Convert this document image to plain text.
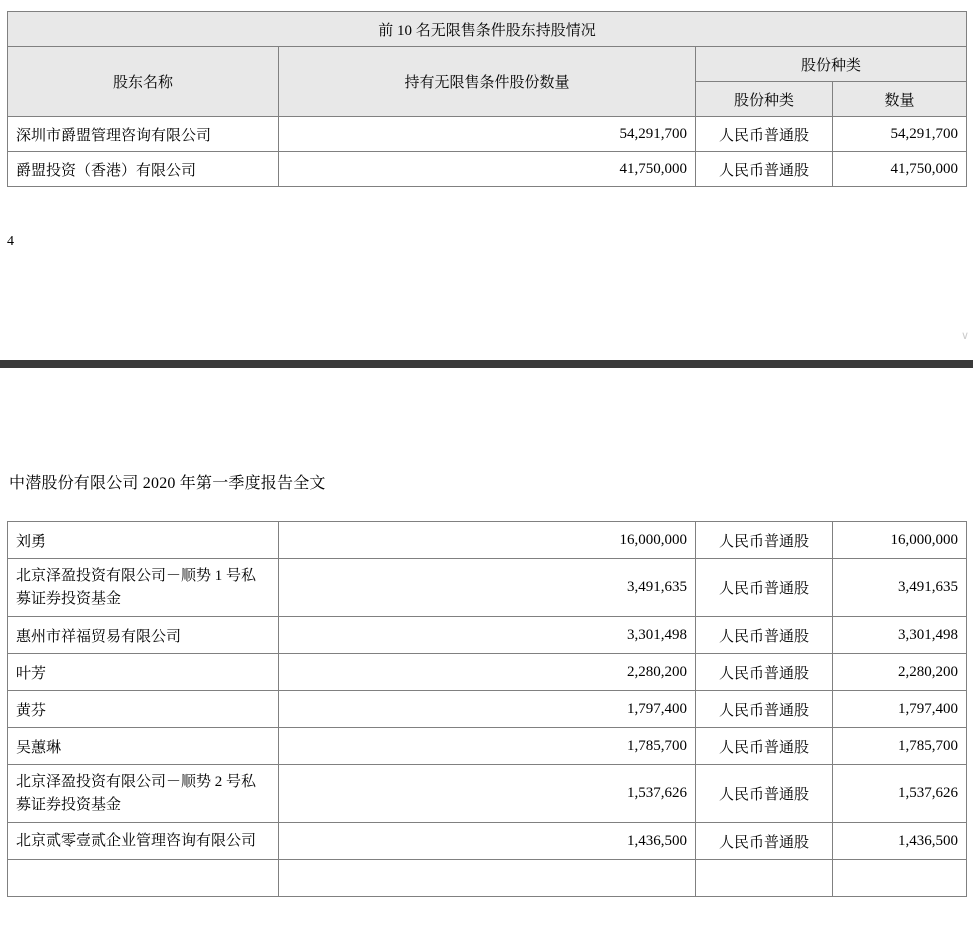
前 10 名无限售条件股东持股情况			
股东名称	持有无限售条件股份数量	股份种类	
		股份种类	数量
深圳市爵盟管理咨询有限公司	54,291,700	人民币普通股	54,291,700
爵盟投资（香港）有限公司	41,750,000	人民币普通股	41,750,000
4
∨
中潜股份有限公司 2020 年第一季度报告全文
刘勇	16,000,000	人民币普通股	16,000,000
北京泽盈投资有限公司－顺势 1 号私募证券投资基金	3,491,635	人民币普通股	3,491,635
惠州市祥福贸易有限公司	3,301,498	人民币普通股	3,301,498
叶芳	2,280,200	人民币普通股	2,280,200
黄芬	1,797,400	人民币普通股	1,797,400
吴蕙琳	1,785,700	人民币普通股	1,785,700
北京泽盈投资有限公司－顺势 2 号私募证券投资基金	1,537,626	人民币普通股	1,537,626
北京贰零壹贰企业管理咨询有限公司	1,436,500	人民币普通股	1,436,500
